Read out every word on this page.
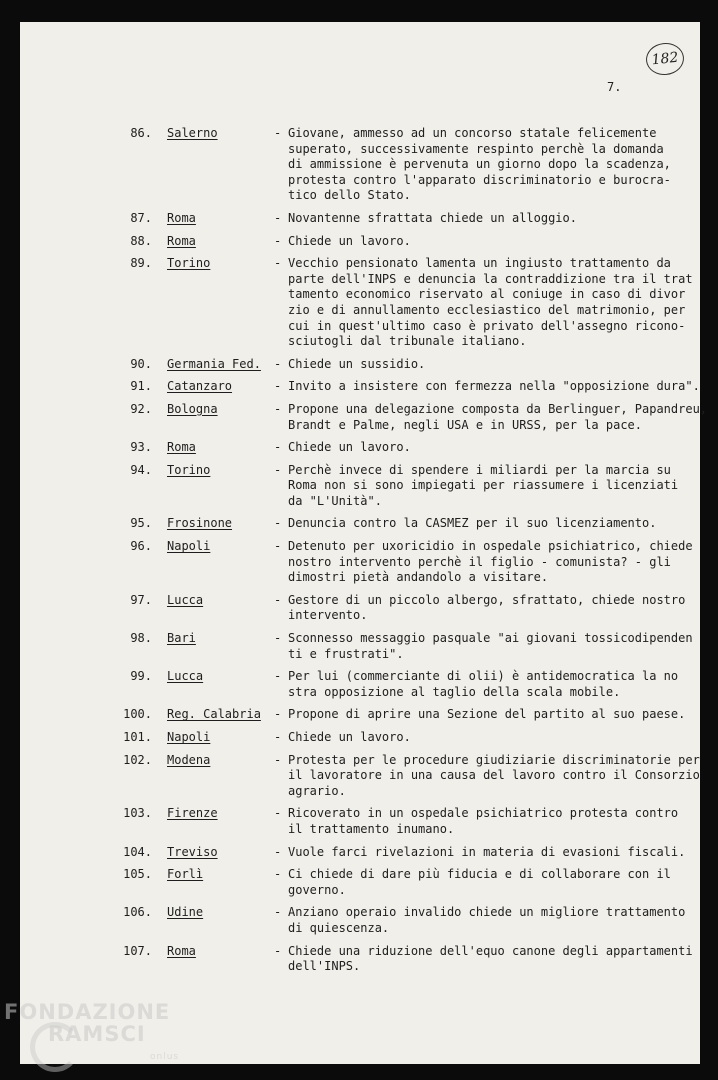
182
7.
86. Salerno	- Giovane, ammesso ad un concorso statale felicemente
superato, successivamente respinto perchè la domanda
di ammissione è pervenuta un giorno dopo la scadenza,
protesta contro l'apparato discriminatorio e burocra-
tico dello Stato.
87. Roma	- Novantenne sfrattata chiede un alloggio.
88. Roma	- Chiede un lavoro.
89. Torino	- Vecchio pensionato lamenta un ingiusto trattamento da
parte dell'INPS e denuncia la contraddizione tra il trat
tamento economico riservato al coniuge in caso di divor
zio e di annullamento ecclesiastico del matrimonio, per
cui in quest'ultimo caso è privato dell'assegno ricono-
sciutogli dal tribunale italiano.
90. Germania Fed. - Chiede un sussidio.
91. Catanzaro	- Invito a insistere con fermezza nella "opposizione dura".
92. Bologna	- Propone una delegazione composta da Berlinguer, Papandreu,
Brandt e Palme, negli USA e in URSS, per la pace.
93. Roma	- Chiede un lavoro.
94. Torino	- Perchè invece di spendere i miliardi per la marcia su
Roma non si sono impiegati per riassumere i licenziati
da "L'Unità".
95. Frosinone	- Denuncia contro la CASMEZ per il suo licenziamento.
96. Napoli	- Detenuto per uxoricidio in ospedale psichiatrico, chiede
nostro intervento perchè il figlio - comunista? - gli
dimostri pietà andandolo a visitare.
97. Lucca	- Gestore di un piccolo albergo, sfrattato, chiede nostro
intervento.
98. Bari	- Sconnesso messaggio pasquale "ai giovani tossicodipenden
ti e frustrati".
99. Lucca	- Per lui (commerciante di olii) è antidemocratica la no
stra opposizione al taglio della scala mobile.
100. Reg. Calabria - Propone di aprire una Sezione del partito al suo paese.
101. Napoli	- Chiede un lavoro.
102. Modena	- Protesta per le procedure giudiziarie discriminatorie per
il lavoratore in una causa del lavoro contro il Consorzio
agrario.
103. Firenze	- Ricoverato in un ospedale psichiatrico protesta contro
il trattamento inumano.
104. Treviso	- Vuole farci rivelazioni in materia di evasioni fiscali.
105. Forlì	- Ci chiede di dare più fiducia e di collaborare con il
governo.
106. Udine	- Anziano operaio invalido chiede un migliore trattamento
di quiescenza.
107. Roma	- Chiede una riduzione dell'equo canone degli appartamenti
dell'INPS.
FONDAZIONE
RAMSCI
onlus
